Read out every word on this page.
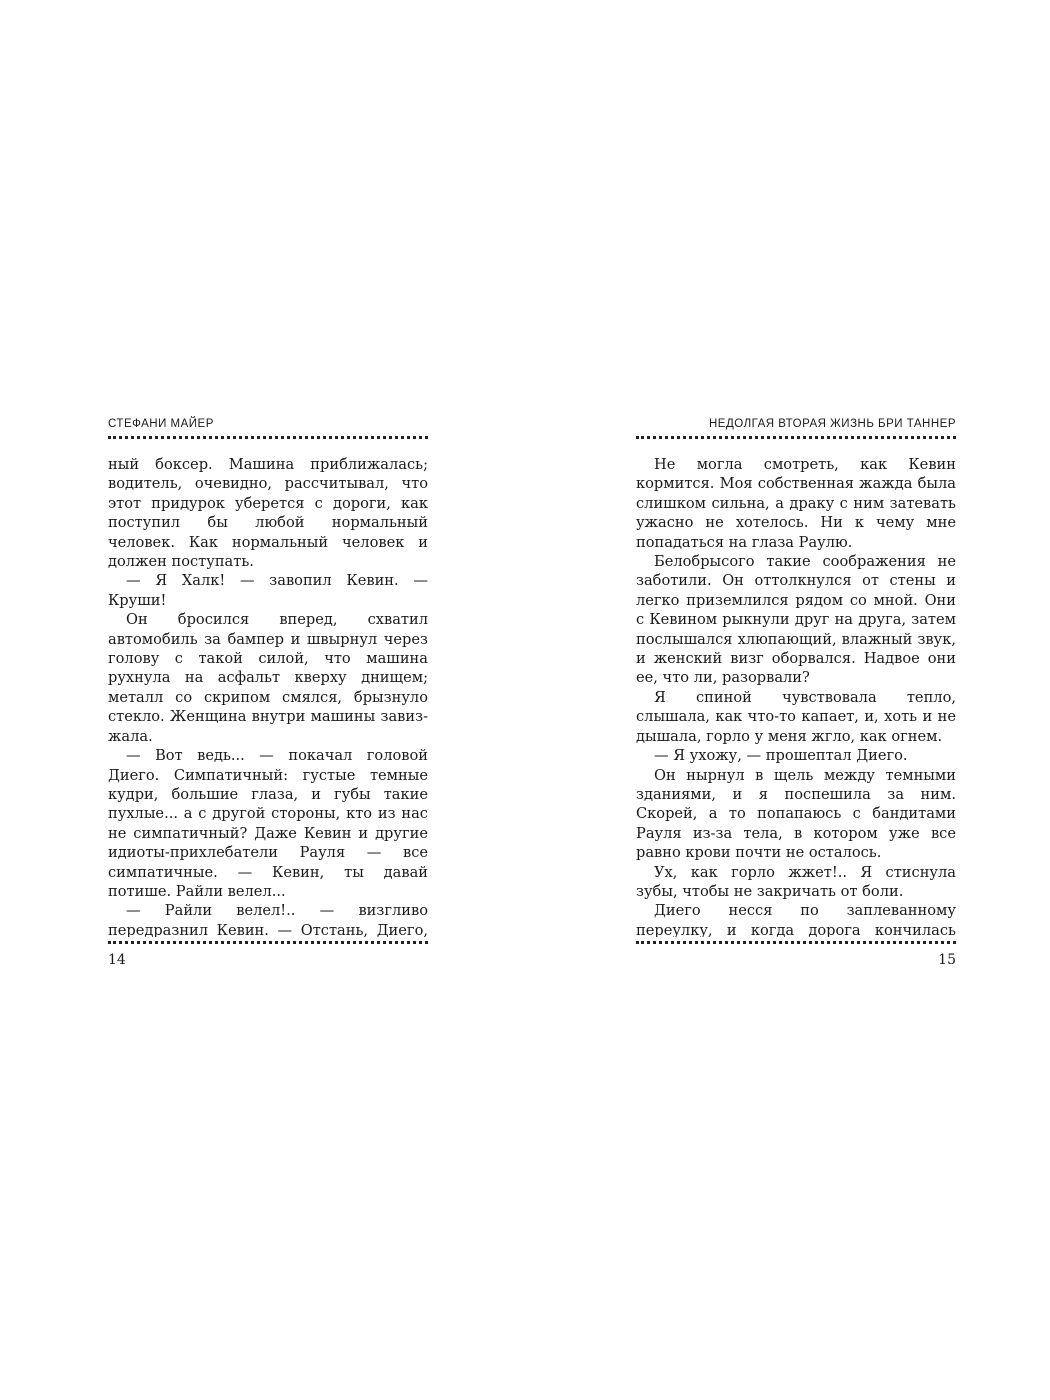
СТЕФАНИ МАЙЕР

ный боксер. Машина приближалась; водитель, очевидно, рассчитывал, что этот придурок уберется с дороги, как поступил бы любой нормальный человек. Как нормальный человек и должен поступать.

— Я Халк! — завопил Кевин. — Круши!

Он бросился вперед, схватил автомобиль за бампер и швырнул через голову с такой силой, что машина рухнула на асфальт кверху днищем; металл со скрипом смялся, брызнуло стекло. Женщина внутри машины завизжала.

— Вот ведь... — покачал головой Диего. Симпатичный: густые темные кудри, большие глаза, и губы такие пухлые... а с другой стороны, кто из нас не симпатичный? Даже Кевин и другие идиоты-прихлебатели Рауля — все симпатичные. — Кевин, ты давай потише. Райли велел...

— Райли велел!.. — визгливо передразнил Кевин. — Отстань, Диего,

14
НЕДОЛГАЯ ВТОРАЯ ЖИЗНЬ БРИ ТАННЕР

Не могла смотреть, как Кевин кормится. Моя собственная жажда была слишком сильна, а драку с ним затевать ужасно не хотелось. Ни к чему мне попадаться на глаза Раулю.

Белобрысого такие соображения не заботили. Он оттолкнулся от стены и легко приземлился рядом со мной. Они с Кевином рыкнули друг на друга, затем послышался хлюпающий, влажный звук, и женский визг оборвался. Надвое они ее, что ли, разорвали?

Я спиной чувствовала тепло, слышала, как что-то капает, и, хоть и не дышала, горло у меня жгло, как огнем.

— Я ухожу, — прошептал Диего.

Он нырнул в щель между темными зданиями, и я поспешила за ним. Скорей, а то попапаюсь с бандитами Рауля из-за тела, в котором уже все равно крови почти не осталось.

Ух, как горло жжет!.. Я стиснула зубы, чтобы не закричать от боли.

Диего несся по заплеванному переулку, и когда дорога кончилась

15
